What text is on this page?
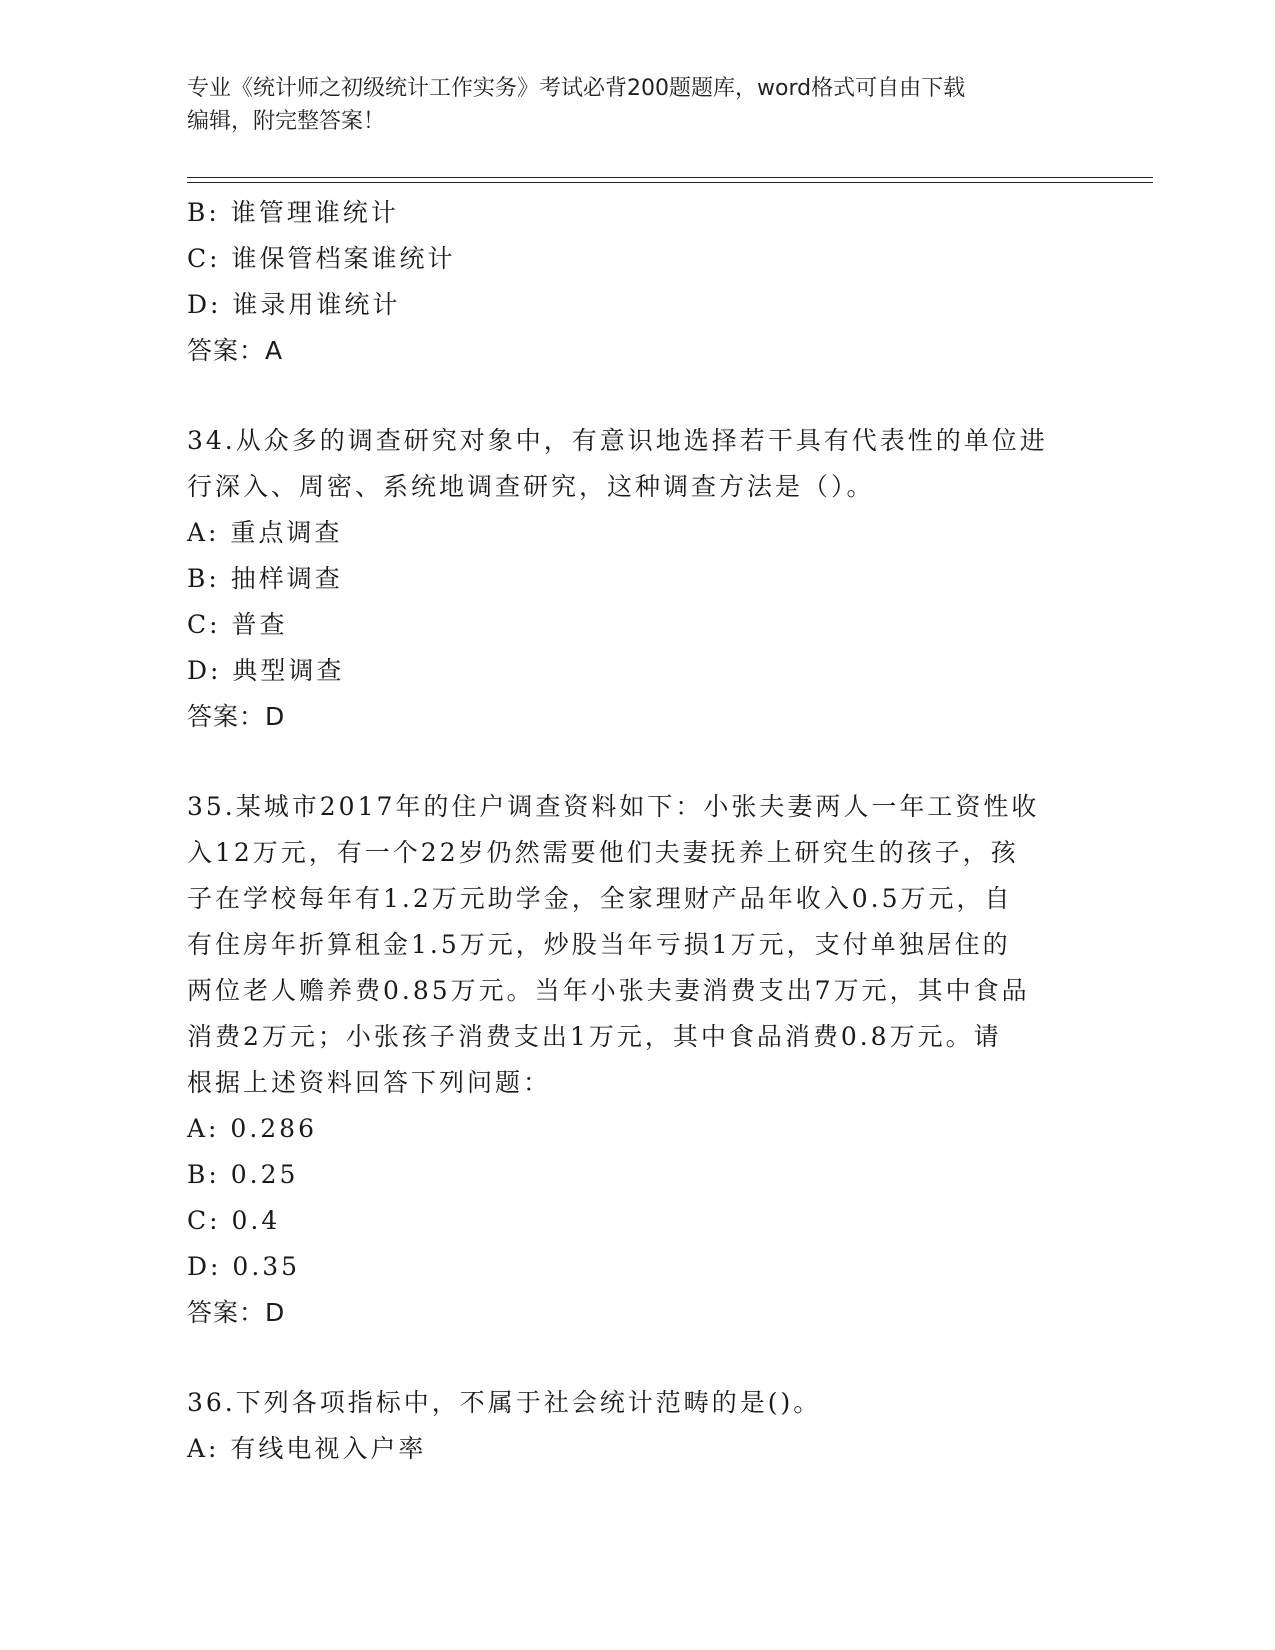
专业《统计师之初级统计工作实务》考试必背200题题库，word格式可自由下载
编辑，附完整答案！
B: 谁管理谁统计
C: 谁保管档案谁统计
D: 谁录用谁统计
答案：A
34.从众多的调查研究对象中，有意识地选择若干具有代表性的单位进
行深入、周密、系统地调查研究，这种调查方法是（）。
A: 重点调查
B: 抽样调查
C: 普查
D: 典型调查
答案：D
35.某城市2017年的住户调查资料如下：小张夫妻两人一年工资性收
入12万元，有一个22岁仍然需要他们夫妻抚养上研究生的孩子，孩
子在学校每年有1.2万元助学金，全家理财产品年收入0.5万元，自
有住房年折算租金1.5万元，炒股当年亏损1万元，支付单独居住的
两位老人赡养费0.85万元。当年小张夫妻消费支出7万元，其中食品
消费2万元；小张孩子消费支出1万元，其中食品消费0.8万元。请
根据上述资料回答下列问题：
A: 0.286
B: 0.25
C: 0.4
D: 0.35
答案：D
36.下列各项指标中，不属于社会统计范畴的是()。
A: 有线电视入户率
